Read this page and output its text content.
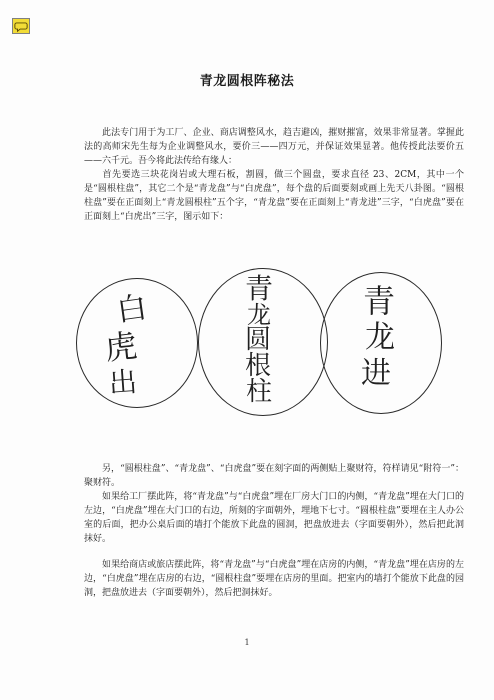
青龙圆根阵秘法

此法专门用于为工厂、企业、商店调整风水，趋吉避凶，摧财摧富，效果非常显著。掌握此法的高师宋先生每为企业调整风水，要价三——四万元，并保证效果显著。他传授此法要价五——六千元。吾今将此法传给有缘人：

首先要选三块花岗岩或大理石板，割圆，做三个圆盘，要求直径 23、2CM，其中一个是“圆根柱盘”，其它二个是“青龙盘”与“白虎盘”，每个盘的后面要刻或画上先天八卦图。“圆根柱盘”要在正面刻上“青龙圆根柱”五个字，“青龙盘”要在正面刻上“青龙进”三字，“白虎盘”要在正面刻上“白虎出”三字，图示如下：

白
虎
出
青
龙
圆
根
柱
青
龙
进

另，“圆根柱盘”、“青龙盘”、“白虎盘”要在刻字面的两侧贴上聚财符，符样请见“附符一”：聚财符。

如果给工厂摆此阵，将“青龙盘”与“白虎盘”埋在厂房大门口的内侧，“青龙盘”埋在大门口的左边，“白虎盘”埋在大门口的右边，所刻的字面朝外，埋地下七寸。“圆根柱盘”要埋在主人办公室的后面，把办公桌后面的墙打个能放下此盘的圆洞，把盘放进去（字面要朝外），然后把此洞抹好。

如果给商店或旅店摆此阵，将“青龙盘”与“白虎盘”埋在店房的内侧，“青龙盘”埋在店房的左边，“白虎盘”埋在店房的右边，“圆根柱盘”要埋在店房的里面。把室内的墙打个能放下此盘的园洞，把盘放进去（字面要朝外），然后把洞抹好。

1
